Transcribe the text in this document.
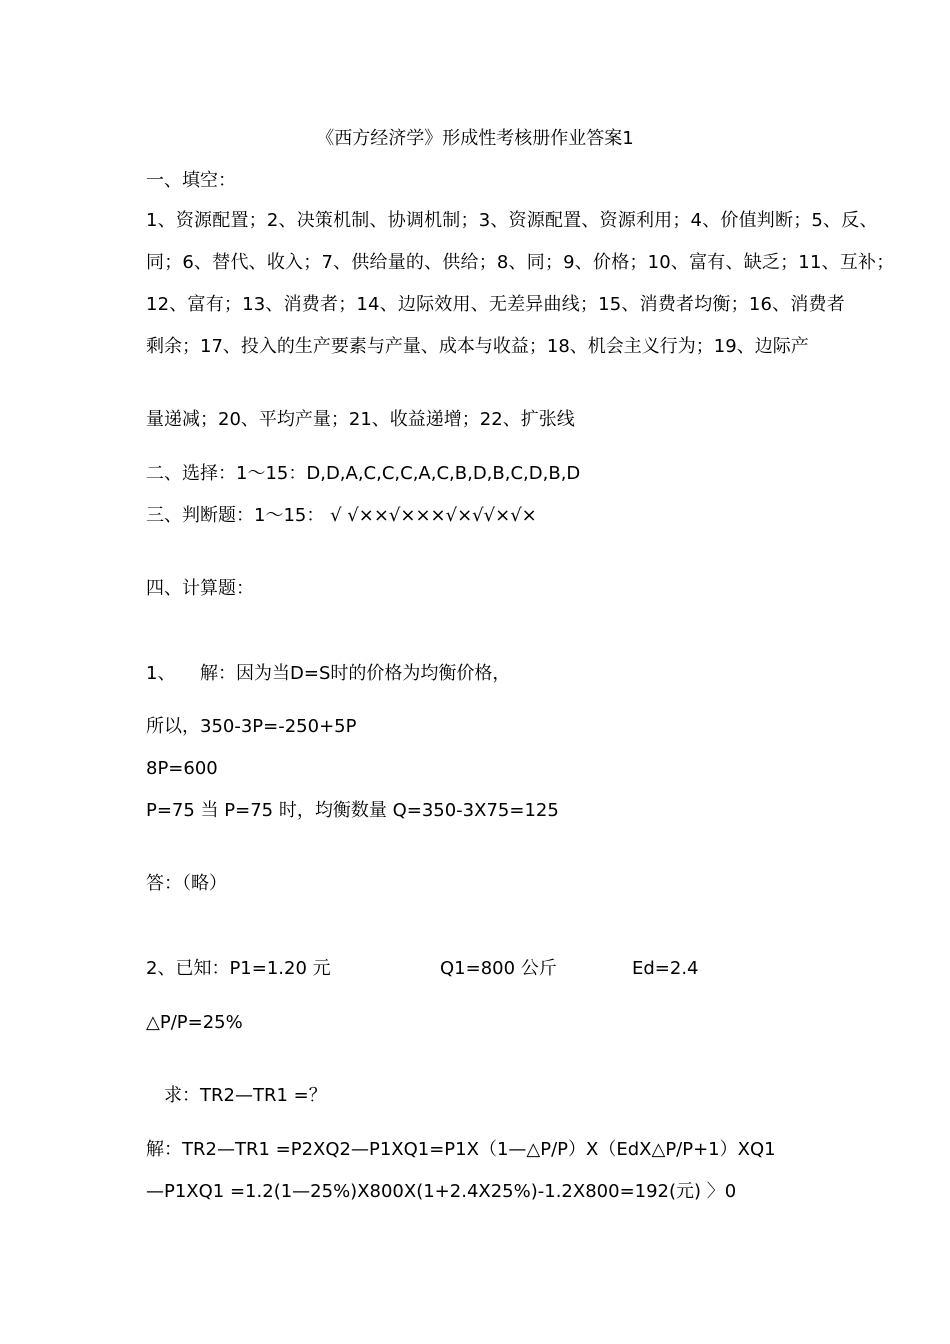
《西方经济学》形成性考核册作业答案1
一、填空：
1、资源配置；2、决策机制、协调机制；3、资源配置、资源利用；4、价值判断；5、反、
同；6、替代、收入；7、供给量的、供给；8、同；9、价格；10、富有、缺乏；11、互补；
12、富有；13、消费者；14、边际效用、无差异曲线；15、消费者均衡；16、消费者
剩余；17、投入的生产要素与产量、成本与收益；18、机会主义行为；19、边际产
量递减；20、平均产量；21、收益递增；22、扩张线
二、选择：1～15：D,D,A,C,C,C,A,C,B,D,B,C,D,B,D
三、判断题：1～15： √ √××√×××√×√√×√×
四、计算题：
1、 解：因为当D=S时的价格为均衡价格，
所以，350-3P=-250+5P
8P=600
P=75 当 P=75 时，均衡数量 Q=350-3X75=125
答：（略）
2、已知：P1=1.20 元	Q1=800 公斤	Ed=2.4
△P/P=25%
求：TR2—TR1 =？
解：TR2—TR1 =P2XQ2—P1XQ1=P1X（1—△P/P）X（EdX△P/P+1）XQ1
—P1XQ1 =1.2(1—25%)X800X(1+2.4X25%)-1.2X800=192(元) 〉0
